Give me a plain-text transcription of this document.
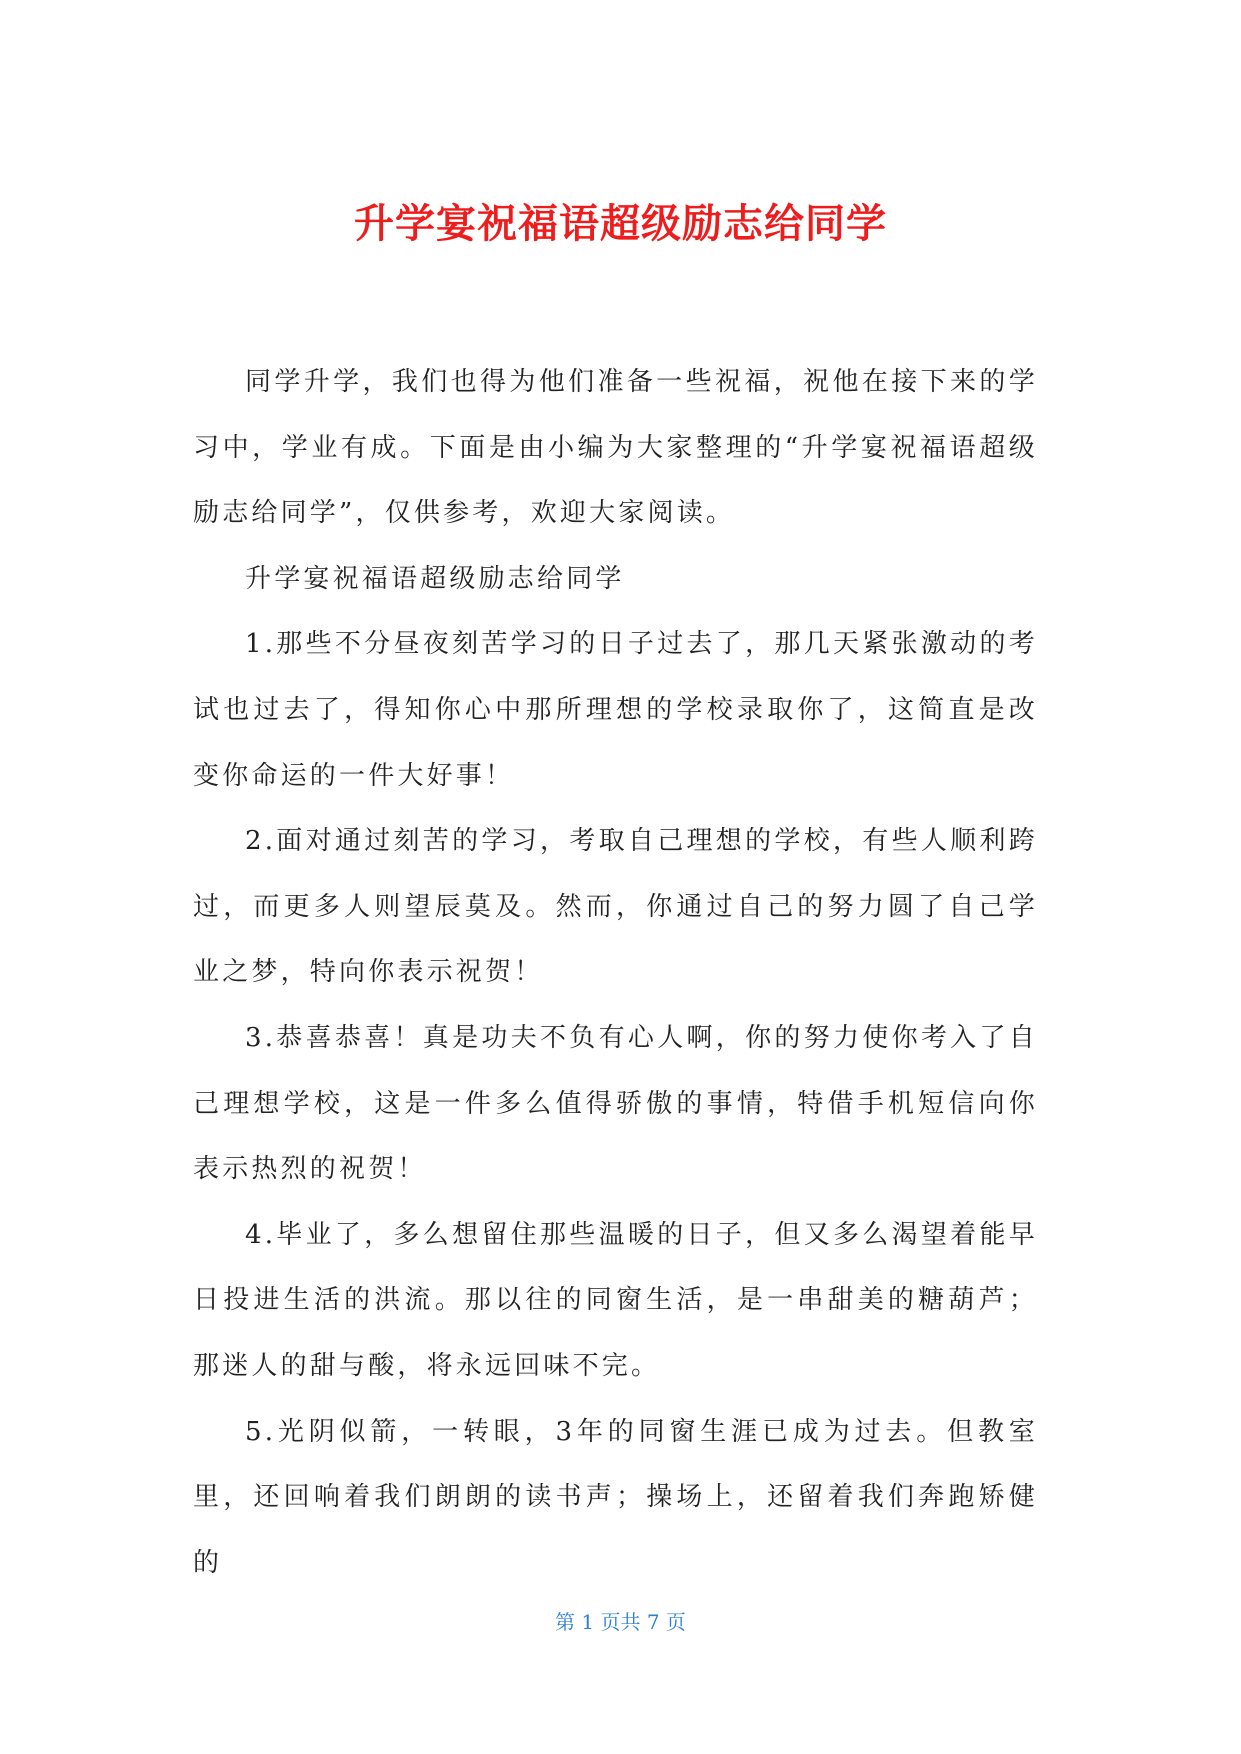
升学宴祝福语超级励志给同学

同学升学，我们也得为他们准备一些祝福，祝他在接下来的学习中，学业有成。下面是由小编为大家整理的“升学宴祝福语超级励志给同学”，仅供参考，欢迎大家阅读。

升学宴祝福语超级励志给同学

1.那些不分昼夜刻苦学习的日子过去了，那几天紧张激动的考试也过去了，得知你心中那所理想的学校录取你了，这简直是改变你命运的一件大好事！

2.面对通过刻苦的学习，考取自己理想的学校，有些人顺利跨过，而更多人则望辰莫及。然而，你通过自己的努力圆了自己学业之梦，特向你表示祝贺！

3.恭喜恭喜！真是功夫不负有心人啊，你的努力使你考入了自己理想学校，这是一件多么值得骄傲的事情，特借手机短信向你表示热烈的祝贺！

4.毕业了，多么想留住那些温暖的日子，但又多么渴望着能早日投进生活的洪流。那以往的同窗生活，是一串甜美的糖葫芦；那迷人的甜与酸，将永远回味不完。

5.光阴似箭，一转眼，3年的同窗生涯已成为过去。但教室里，还回响着我们朗朗的读书声；操场上，还留着我们奔跑矫健的

第 1 页共 7 页
